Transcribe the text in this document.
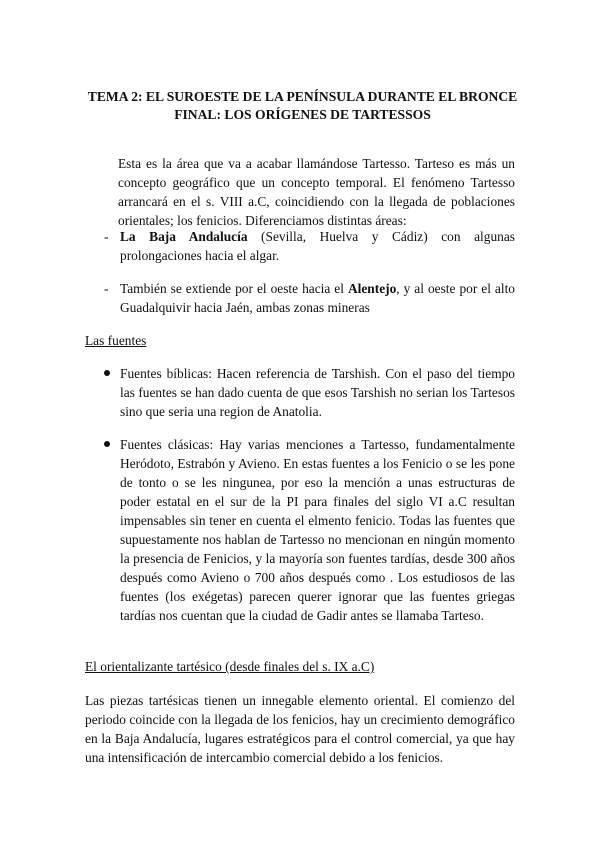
TEMA 2: EL SUROESTE DE LA PENÍNSULA DURANTE EL BRONCE
FINAL: LOS ORÍGENES DE TARTESSOS
Esta es la área que va a acabar llamándose Tartesso. Tarteso es más un concepto geográfico que un concepto temporal. El fenómeno Tartesso arrancará en el s. VIII a.C, coincidiendo con la llegada de poblaciones orientales; los fenicios. Diferenciamos distintas áreas:
- La Baja Andalucía (Sevilla, Huelva y Cádiz) con algunas prolongaciones hacia el algar.
- También se extiende por el oeste hacia el Alentejo, y al oeste por el alto Guadalquivir hacia Jaén, ambas zonas mineras
Las fuentes
Fuentes bíblicas: Hacen referencia de Tarshish. Con el paso del tiempo las fuentes se han dado cuenta de que esos Tarshish no serian los Tartesos sino que seria una region de Anatolia.
Fuentes clásicas: Hay varias menciones a Tartesso, fundamentalmente Heródoto, Estrabón y Avieno. En estas fuentes a los Fenicio o se les pone de tonto o se les ningunea, por eso la mención a unas estructuras de poder estatal en el sur de la PI para finales del siglo VI a.C resultan impensables sin tener en cuenta el elmento fenicio. Todas las fuentes que supuestamente nos hablan de Tartesso no mencionan en ningún momento la presencia de Fenicios, y la mayoría son fuentes tardías, desde 300 años después como Avieno o 700 años después como . Los estudiosos de las fuentes (los exégetas) parecen querer ignorar que las fuentes griegas tardías nos cuentan que la ciudad de Gadir antes se llamaba Tarteso.
El orientalizante tartésico (desde finales del s. IX a.C)
Las piezas tartésicas tienen un innegable elemento oriental. El comienzo del periodo coincide con la llegada de los fenicios, hay un crecimiento demográfico en la Baja Andalucía, lugares estratégicos para el control comercial, ya que hay una intensificación de intercambio comercial debido a los fenicios.
